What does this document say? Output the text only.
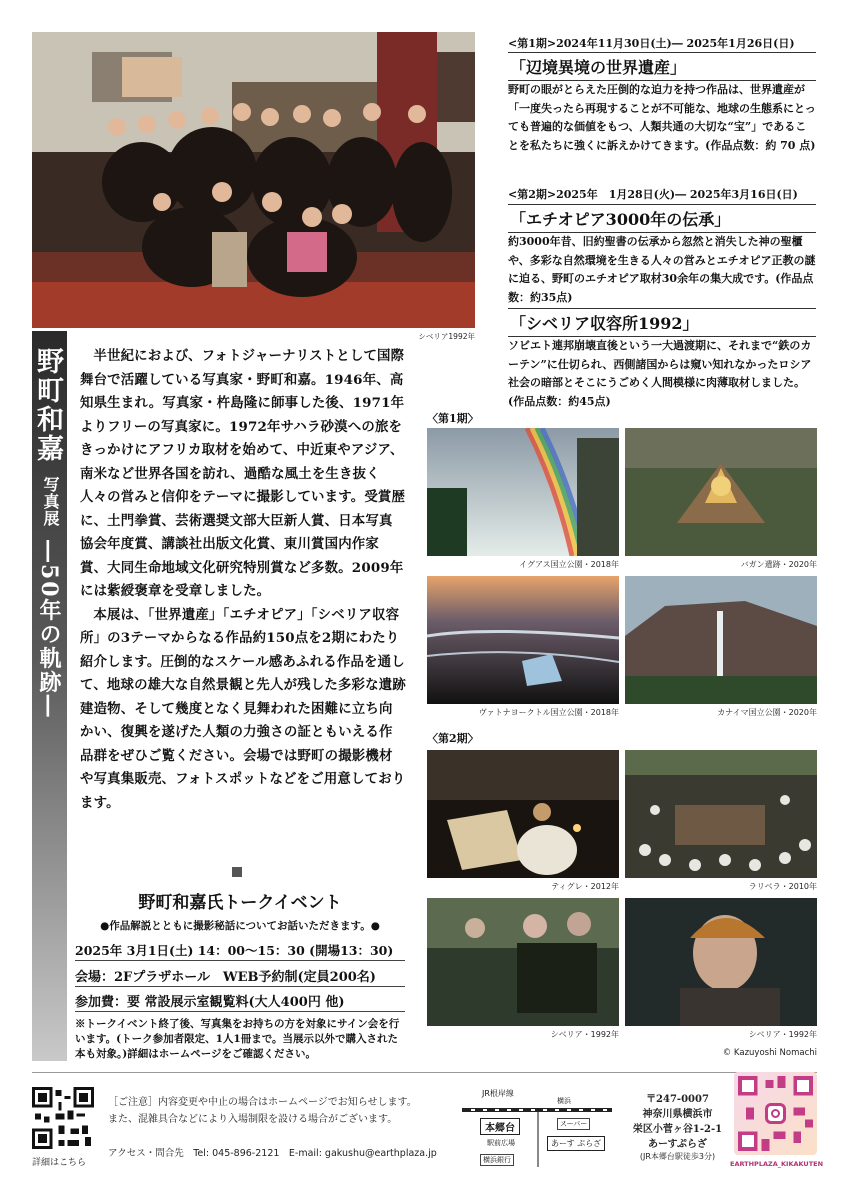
シベリア1992年
野町和嘉
写真展
―50年の軌跡―

半世紀におよび、フォトジャーナリストとして国際舞台で活躍している写真家・野町和嘉。1946年、高知県生まれ。写真家・杵島隆に師事した後、1971年よりフリーの写真家に。1972年サハラ砂漠への旅をきっかけにアフリカ取材を始めて、中近東やアジア、南米など世界各国を訪れ、過酷な風土を生き抜く人々の営みと信仰をテーマに撮影しています。受賞歴に、土門拳賞、芸術選奨文部大臣新人賞、日本写真協会年度賞、講談社出版文化賞、東川賞国内作家賞、大同生命地域文化研究特別賞など多数。2009年には紫綬褒章を受章しました。

本展は、「世界遺産」「エチオピア」「シベリア収容所」の3テーマからなる作品約150点を2期にわたり紹介します。圧倒的なスケール感あふれる作品を通して、地球の雄大な自然景観と先人が残した多彩な遺跡建造物、そして幾度となく見舞われた困難に立ち向かい、復興を遂げた人類の力強さの証ともいえる作品群をぜひご覧ください。会場では野町の撮影機材や写真集販売、フォトスポットなどをご用意しております。

<第1期>2024年11月30日(土)― 2025年1月26日(日)
「辺境異境の世界遺産」
野町の眼がとらえた圧倒的な迫力を持つ作品は、世界遺産が「一度失ったら再現することが不可能な、地球の生態系にとっても普遍的な価値をもつ、人類共通の大切な“宝”」であることを私たちに強くに訴えかけてきます。(作品点数：約 70 点)
<第2期>2025年　1月28日(火)― 2025年3月16日(日)
「エチオピア3000年の伝承」
約3000年昔、旧約聖書の伝承から忽然と消失した神の聖櫃や、多彩な自然環境を生きる人々の営みとエチオピア正教の謎に迫る、野町のエチオピア取材30余年の集大成です。(作品点数：約35点)
「シベリア収容所1992」
ソビエト連邦崩壊直後という一大過渡期に、それまで“鉄のカーテン”に仕切られ、西側諸国からは窺い知れなかったロシア社会の暗部とそこにうごめく人間模様に肉薄取材しました。(作品点数：約45点)
〈第1期〉
イグアス国立公園・2018年	バガン遺跡・2020年
ヴァトナヨークトル国立公園・2018年	カナイマ国立公園・2020年
〈第2期〉
ティグレ・2012年	ラリベラ・2010年
シベリア・1992年	シベリア・1992年
© Kazuyoshi Nomachi
野町和嘉氏トークイベント
●作品解説とともに撮影秘話についてお話いただきます。●
2025年 3月1日(土) 14：00～15：30 (開場13：30)
会場：2Fプラザホール　WEB予約制(定員200名)
参加費：要 常設展示室観覧料(大人400円 他)
※トークイベント終了後、写真集をお持ちの方を対象にサイン会を行います。(トーク参加者限定、1人1冊まで。当展示以外で購入された本も対象。)詳細はホームページをご確認ください。
詳細はこちら
［ご注意］内容変更や中止の場合はホームページでお知らせします。
また、混雑具合などにより入場制限を設ける場合がございます。
アクセス・問合先　Tel: 045-896-2121　E-mail: gakushu@earthplaza.jp
JR根岸線
本郷台
横浜
駅前広場
スーパー
あーす ぷらざ
横浜銀行
〒247-0007
神奈川県横浜市
栄区小菅ヶ谷1-2-1
あーすぷらざ
(JR本郷台駅徒歩3分)
EARTHPLAZA_KIKAKUTEN
